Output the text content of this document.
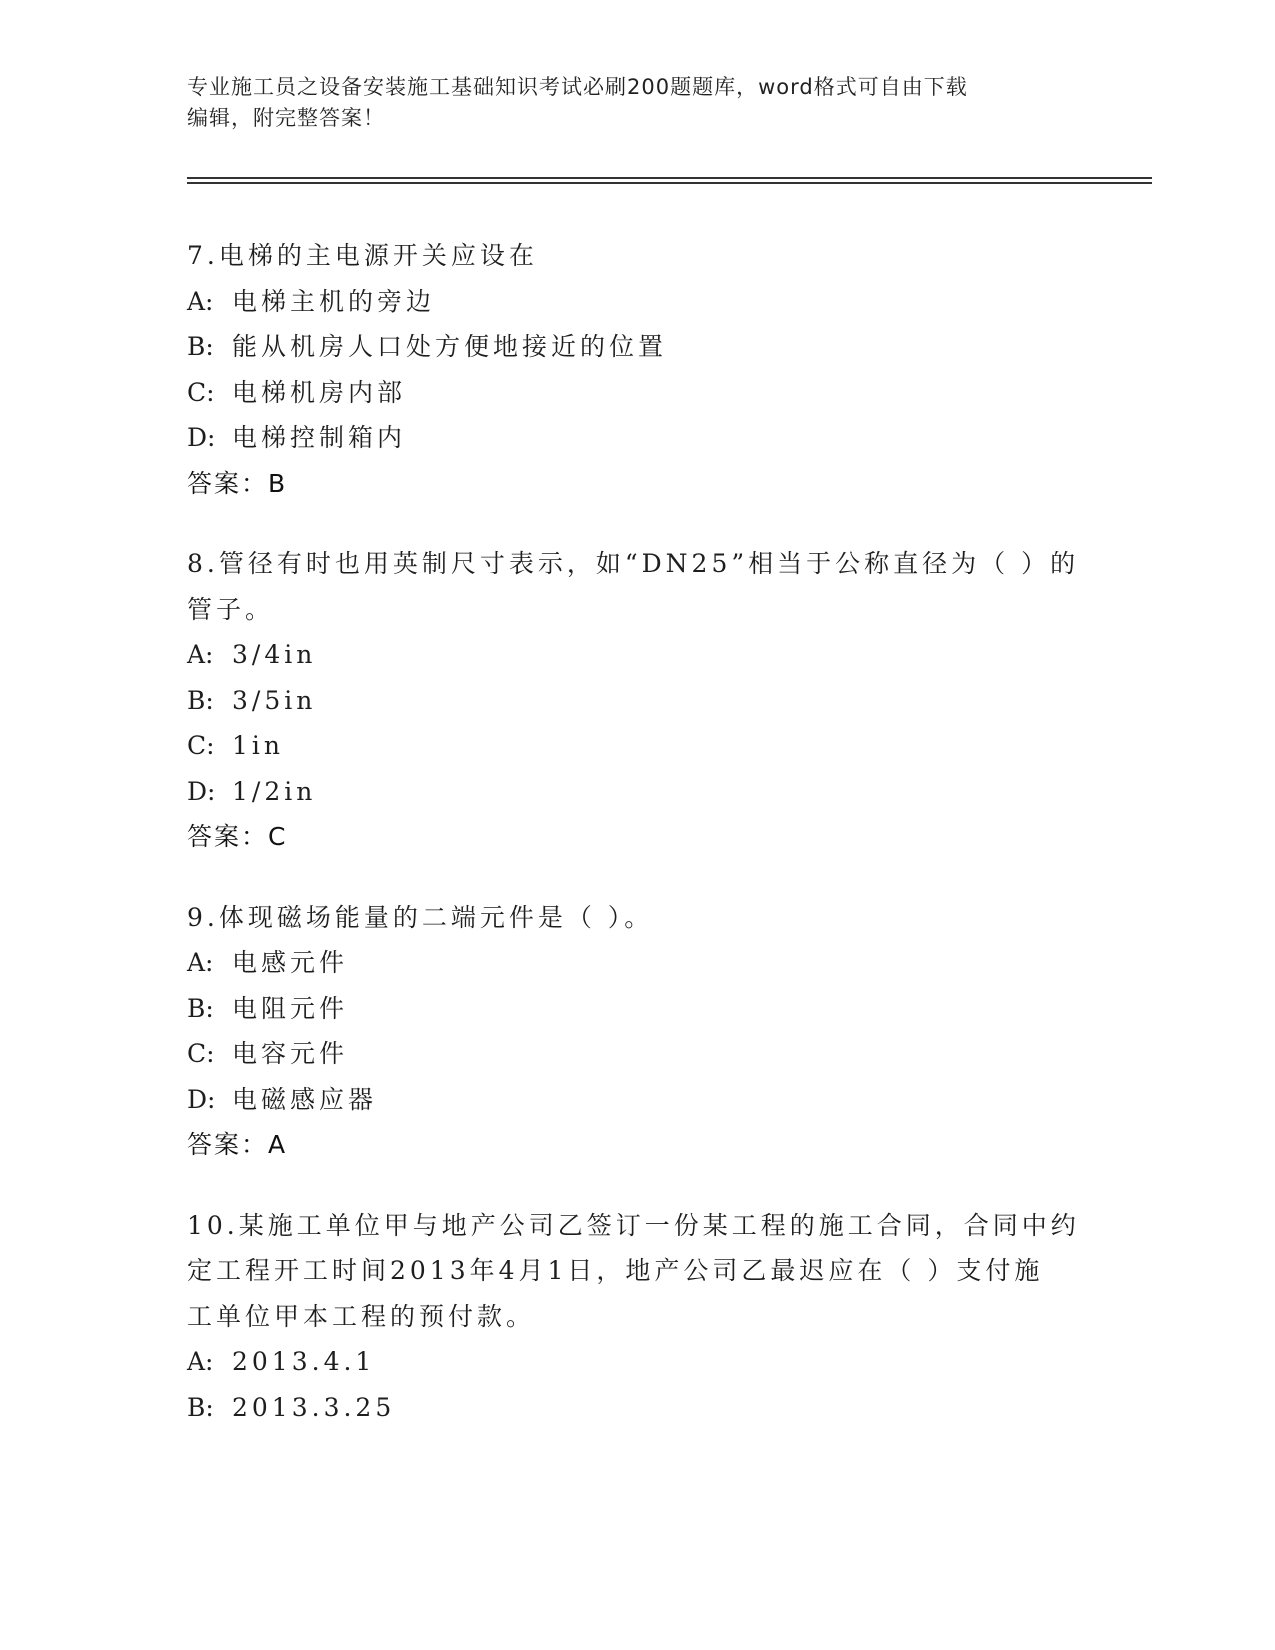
专业施工员之设备安装施工基础知识考试必刷200题题库，word格式可自由下载
编辑，附完整答案！
7.电梯的主电源开关应设在
A: 电梯主机的旁边
B: 能从机房人口处方便地接近的位置
C: 电梯机房内部
D: 电梯控制箱内
答案：B
8.管径有时也用英制尺寸表示，如“DN25”相当于公称直径为（ ）的
管子。
A: 3/4in
B: 3/5in
C: 1in
D: 1/2in
答案：C
9.体现磁场能量的二端元件是（ ）。
A: 电感元件
B: 电阻元件
C: 电容元件
D: 电磁感应器
答案：A
10.某施工单位甲与地产公司乙签订一份某工程的施工合同，合同中约
定工程开工时间2013年4月1日，地产公司乙最迟应在（ ）支付施
工单位甲本工程的预付款。
A: 2013.4.1
B: 2013.3.25
